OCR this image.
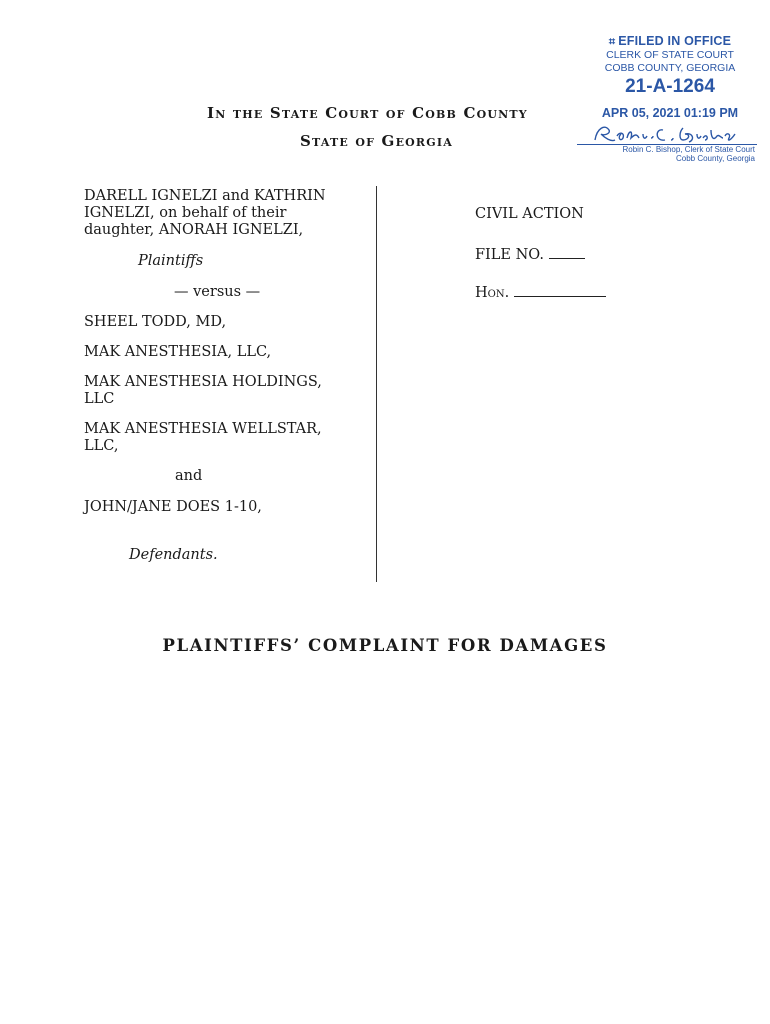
⌗ EFILED IN OFFICE
CLERK OF STATE COURT
COBB COUNTY, GEORGIA
21-A-1264
APR 05, 2021 01:19 PM
Robin C. Bishop, Clerk of State Court
Cobb County, Georgia
In the State Court of Cobb County
State of Georgia

DARELL IGNELZI and KATHRIN IGNELZI, on behalf of their daughter, ANORAH IGNELZI,

Plaintiffs

— versus —

SHEEL TODD, MD,

MAK ANESTHESIA, LLC,

MAK ANESTHESIA HOLDINGS, LLC

MAK ANESTHESIA WELLSTAR, LLC,

and

JOHN/JANE DOES 1-10,

Defendants.

CIVIL ACTION
FILE NO.
Hon.
PLAINTIFFS’ COMPLAINT FOR DAMAGES
